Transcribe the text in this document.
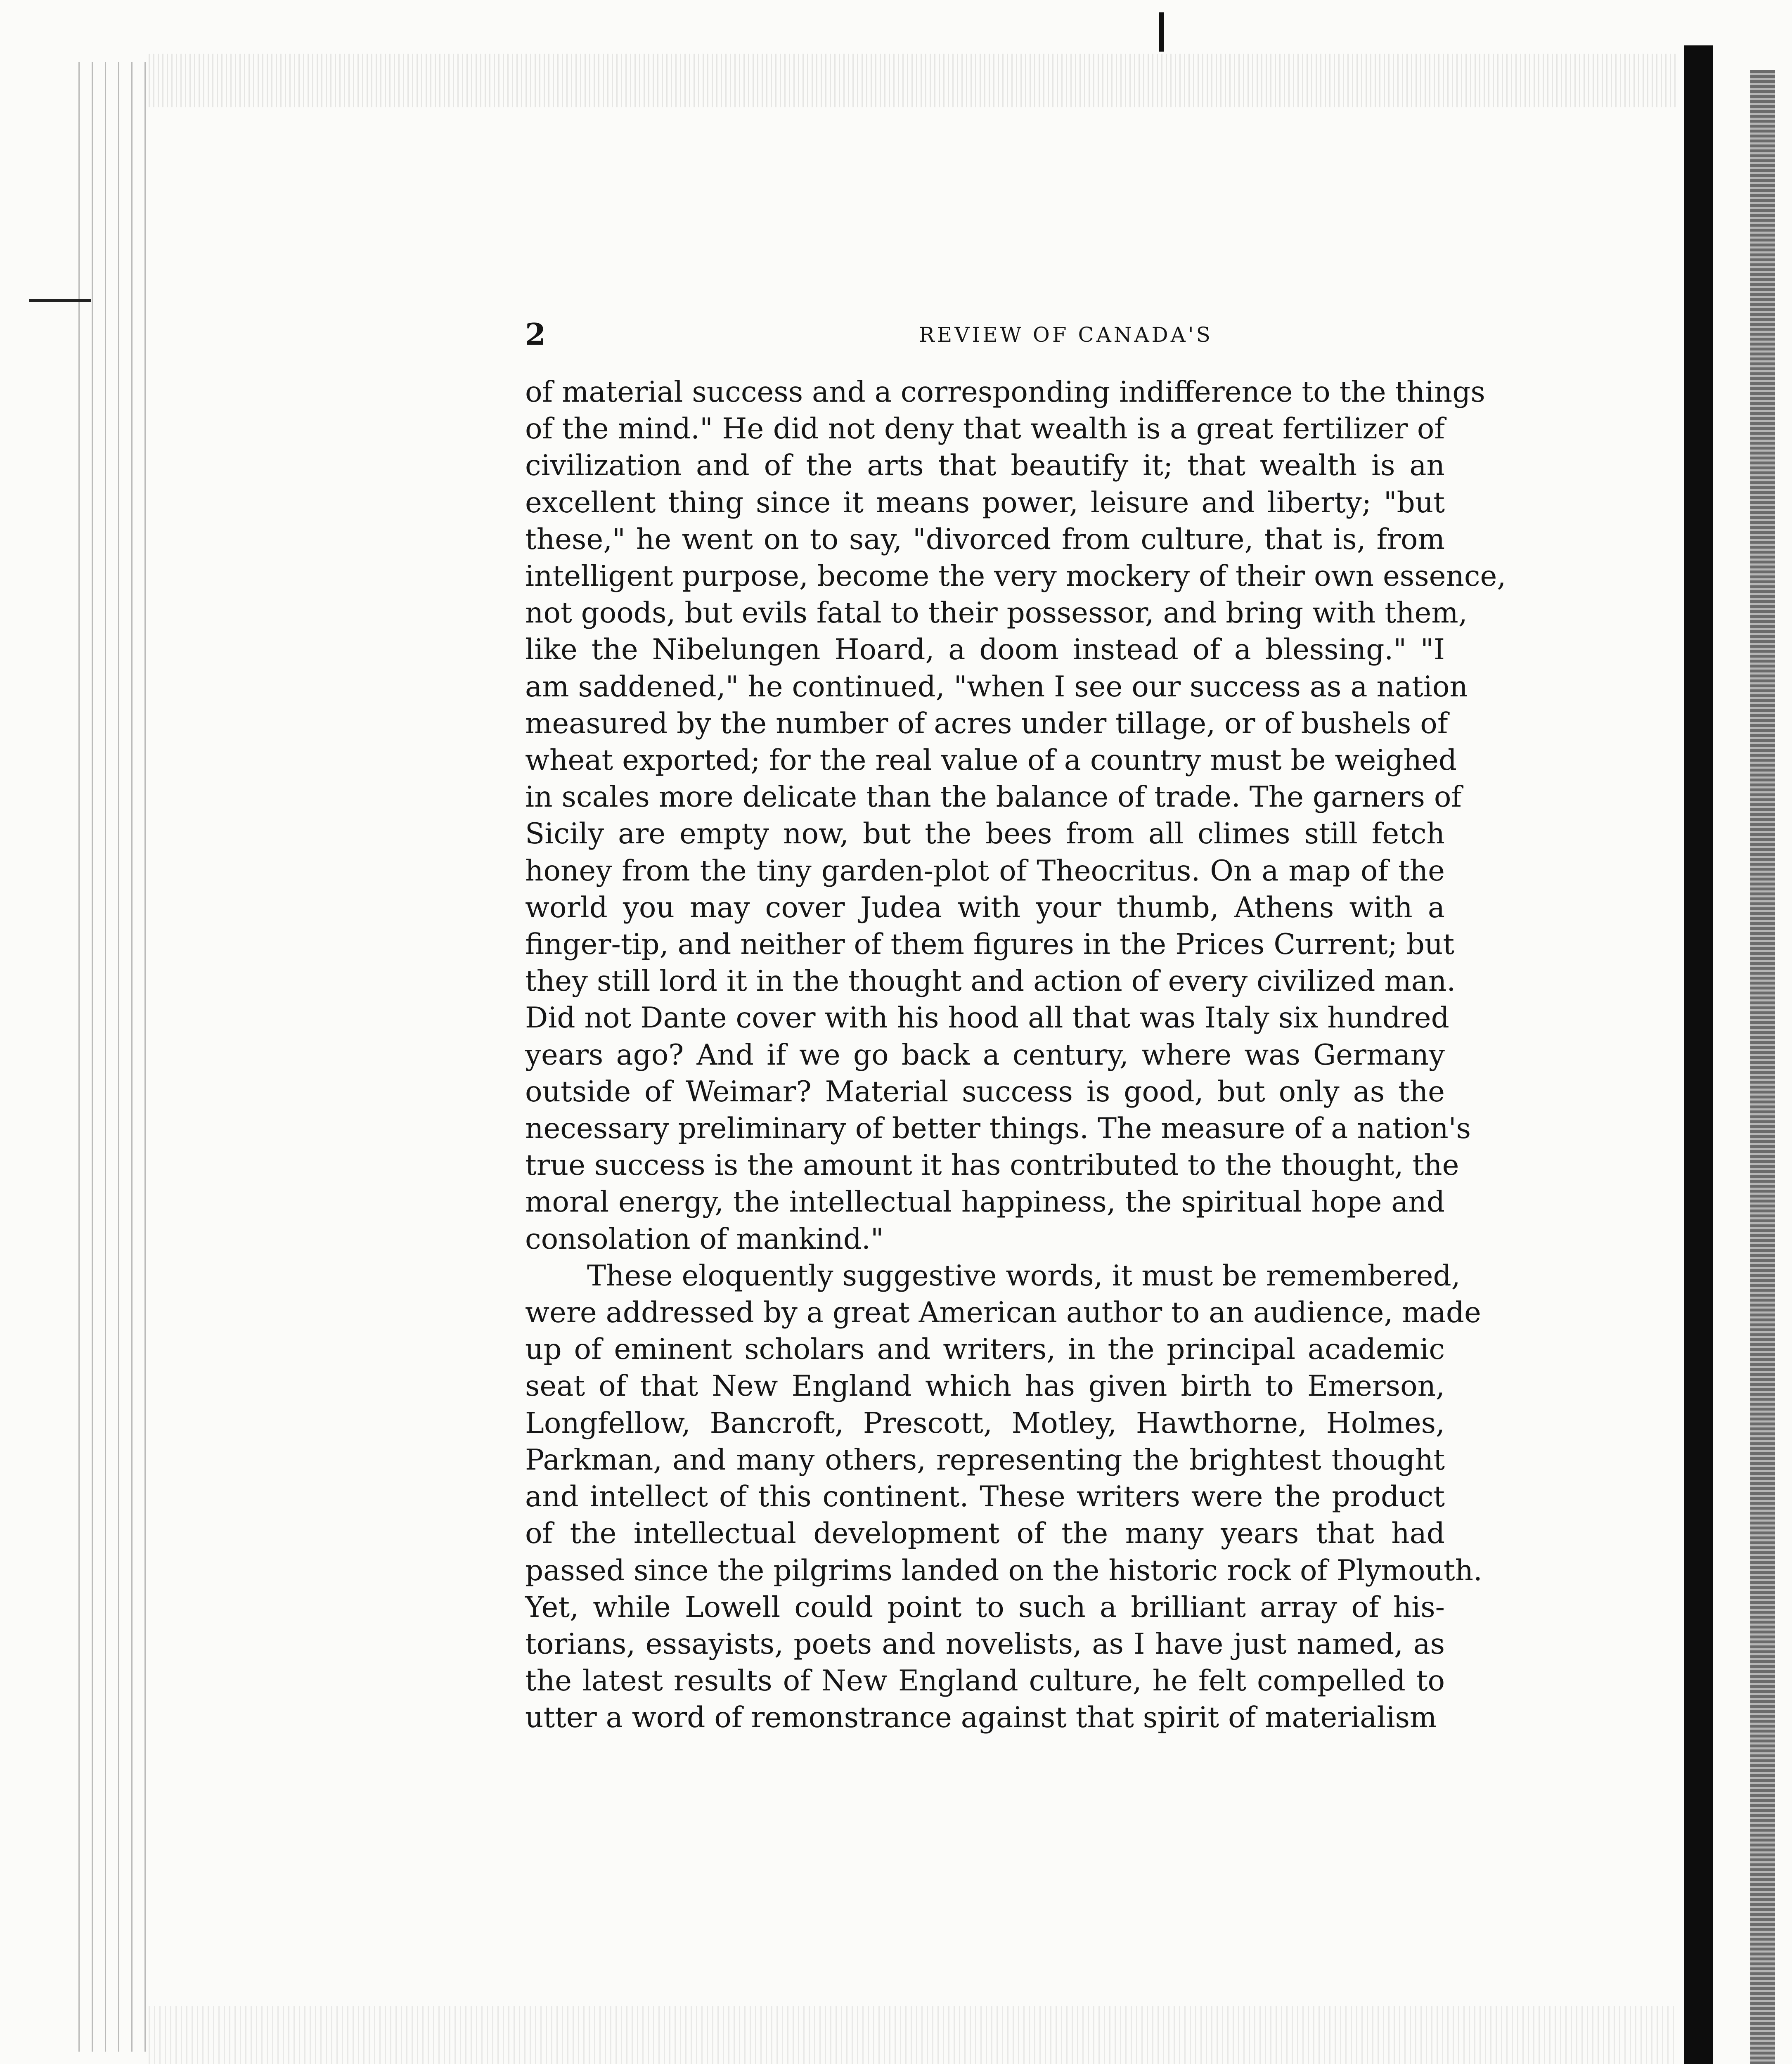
2	REVIEW OF CANADA'S

of material success and a corresponding indifference to the things
of the mind." He did not deny that wealth is a great fertilizer of
civilization and of the arts that beautify it; that wealth is an
excellent thing since it means power, leisure and liberty; "but
these," he went on to say, "divorced from culture, that is, from
intelligent purpose, become the very mockery of their own essence,
not goods, but evils fatal to their possessor, and bring with them,
like the Nibelungen Hoard, a doom instead of a blessing." "I
am saddened," he continued, "when I see our success as a nation
measured by the number of acres under tillage, or of bushels of
wheat exported; for the real value of a country must be weighed
in scales more delicate than the balance of trade. The garners of
Sicily are empty now, but the bees from all climes still fetch
honey from the tiny garden-plot of Theocritus. On a map of the
world you may cover Judea with your thumb, Athens with a
finger-tip, and neither of them figures in the Prices Current; but
they still lord it in the thought and action of every civilized man.
Did not Dante cover with his hood all that was Italy six hundred
years ago? And if we go back a century, where was Germany
outside of Weimar? Material success is good, but only as the
necessary preliminary of better things. The measure of a nation's
true success is the amount it has contributed to the thought, the
moral energy, the intellectual happiness, the spiritual hope and
consolation of mankind."

These eloquently suggestive words, it must be remembered,
were addressed by a great American author to an audience, made
up of eminent scholars and writers, in the principal academic
seat of that New England which has given birth to Emerson,
Longfellow, Bancroft, Prescott, Motley, Hawthorne, Holmes,
Parkman, and many others, representing the brightest thought
and intellect of this continent. These writers were the product
of the intellectual development of the many years that had
passed since the pilgrims landed on the historic rock of Plymouth.
Yet, while Lowell could point to such a brilliant array of his-
torians, essayists, poets and novelists, as I have just named, as
the latest results of New England culture, he felt compelled to
utter a word of remonstrance against that spirit of materialism
